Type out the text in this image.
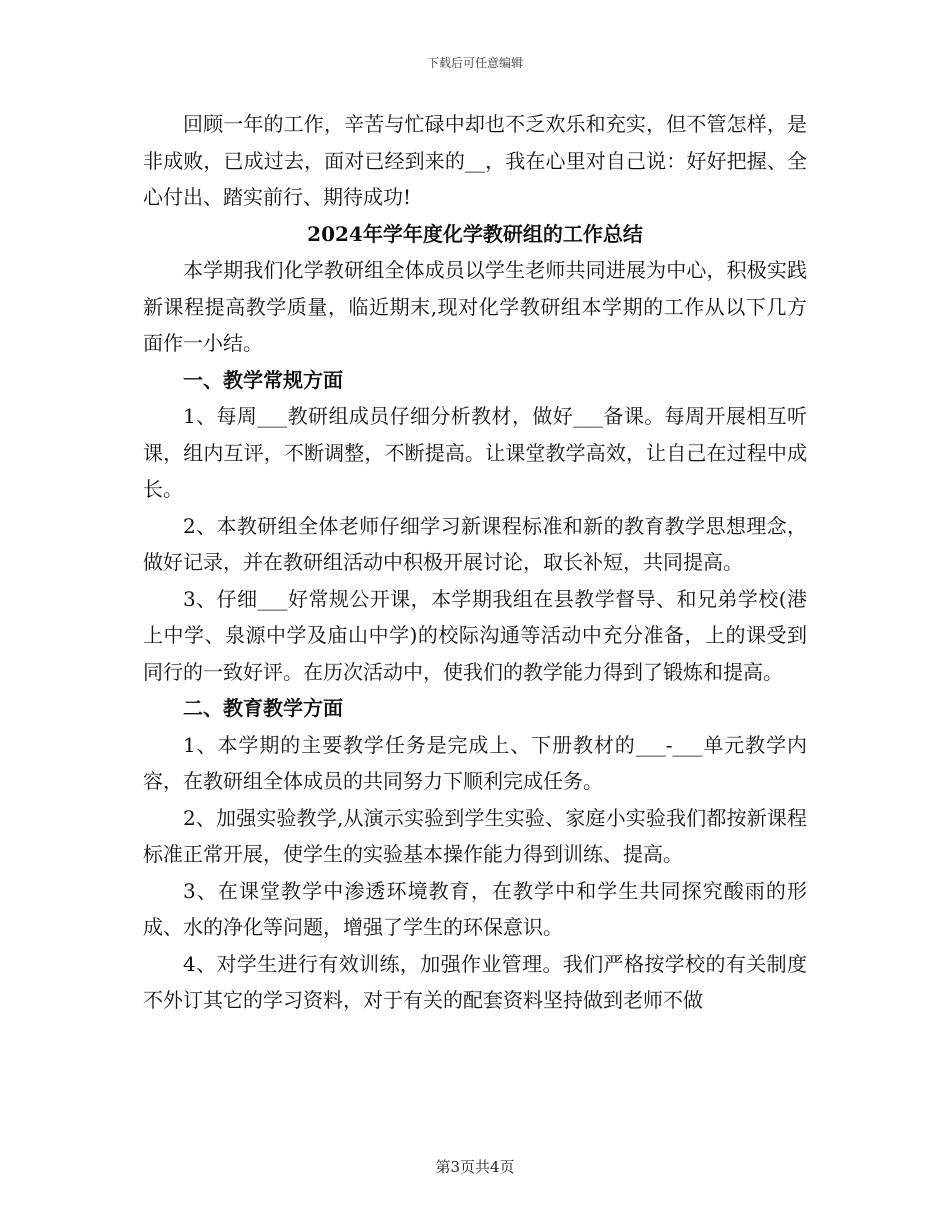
下载后可任意编辑

回顾一年的工作，辛苦与忙碌中却也不乏欢乐和充实，但不管怎样，是非成败，已成过去，面对已经到来的__，我在心里对自己说：好好把握、全心付出、踏实前行、期待成功!

2024年学年度化学教研组的工作总结

本学期我们化学教研组全体成员以学生老师共同进展为中心，积极实践新课程提高教学质量，临近期末,现对化学教研组本学期的工作从以下几方面作一小结。

一、教学常规方面

1、每周___教研组成员仔细分析教材，做好___备课。每周开展相互听课，组内互评，不断调整，不断提高。让课堂教学高效，让自己在过程中成长。

2、本教研组全体老师仔细学习新课程标准和新的教育教学思想理念，做好记录，并在教研组活动中积极开展讨论，取长补短，共同提高。

3、仔细___好常规公开课，本学期我组在县教学督导、和兄弟学校(港上中学、泉源中学及庙山中学)的校际沟通等活动中充分准备，上的课受到同行的一致好评。在历次活动中，使我们的教学能力得到了锻炼和提高。

二、教育教学方面

1、本学期的主要教学任务是完成上、下册教材的___-___单元教学内容，在教研组全体成员的共同努力下顺利完成任务。

2、加强实验教学,从演示实验到学生实验、家庭小实验我们都按新课程标准正常开展，使学生的实验基本操作能力得到训练、提高。

3、在课堂教学中渗透环境教育，在教学中和学生共同探究酸雨的形成、水的净化等问题，增强了学生的环保意识。

4、对学生进行有效训练，加强作业管理。我们严格按学校的有关制度不外订其它的学习资料，对于有关的配套资料坚持做到老师不做

第3页共4页
